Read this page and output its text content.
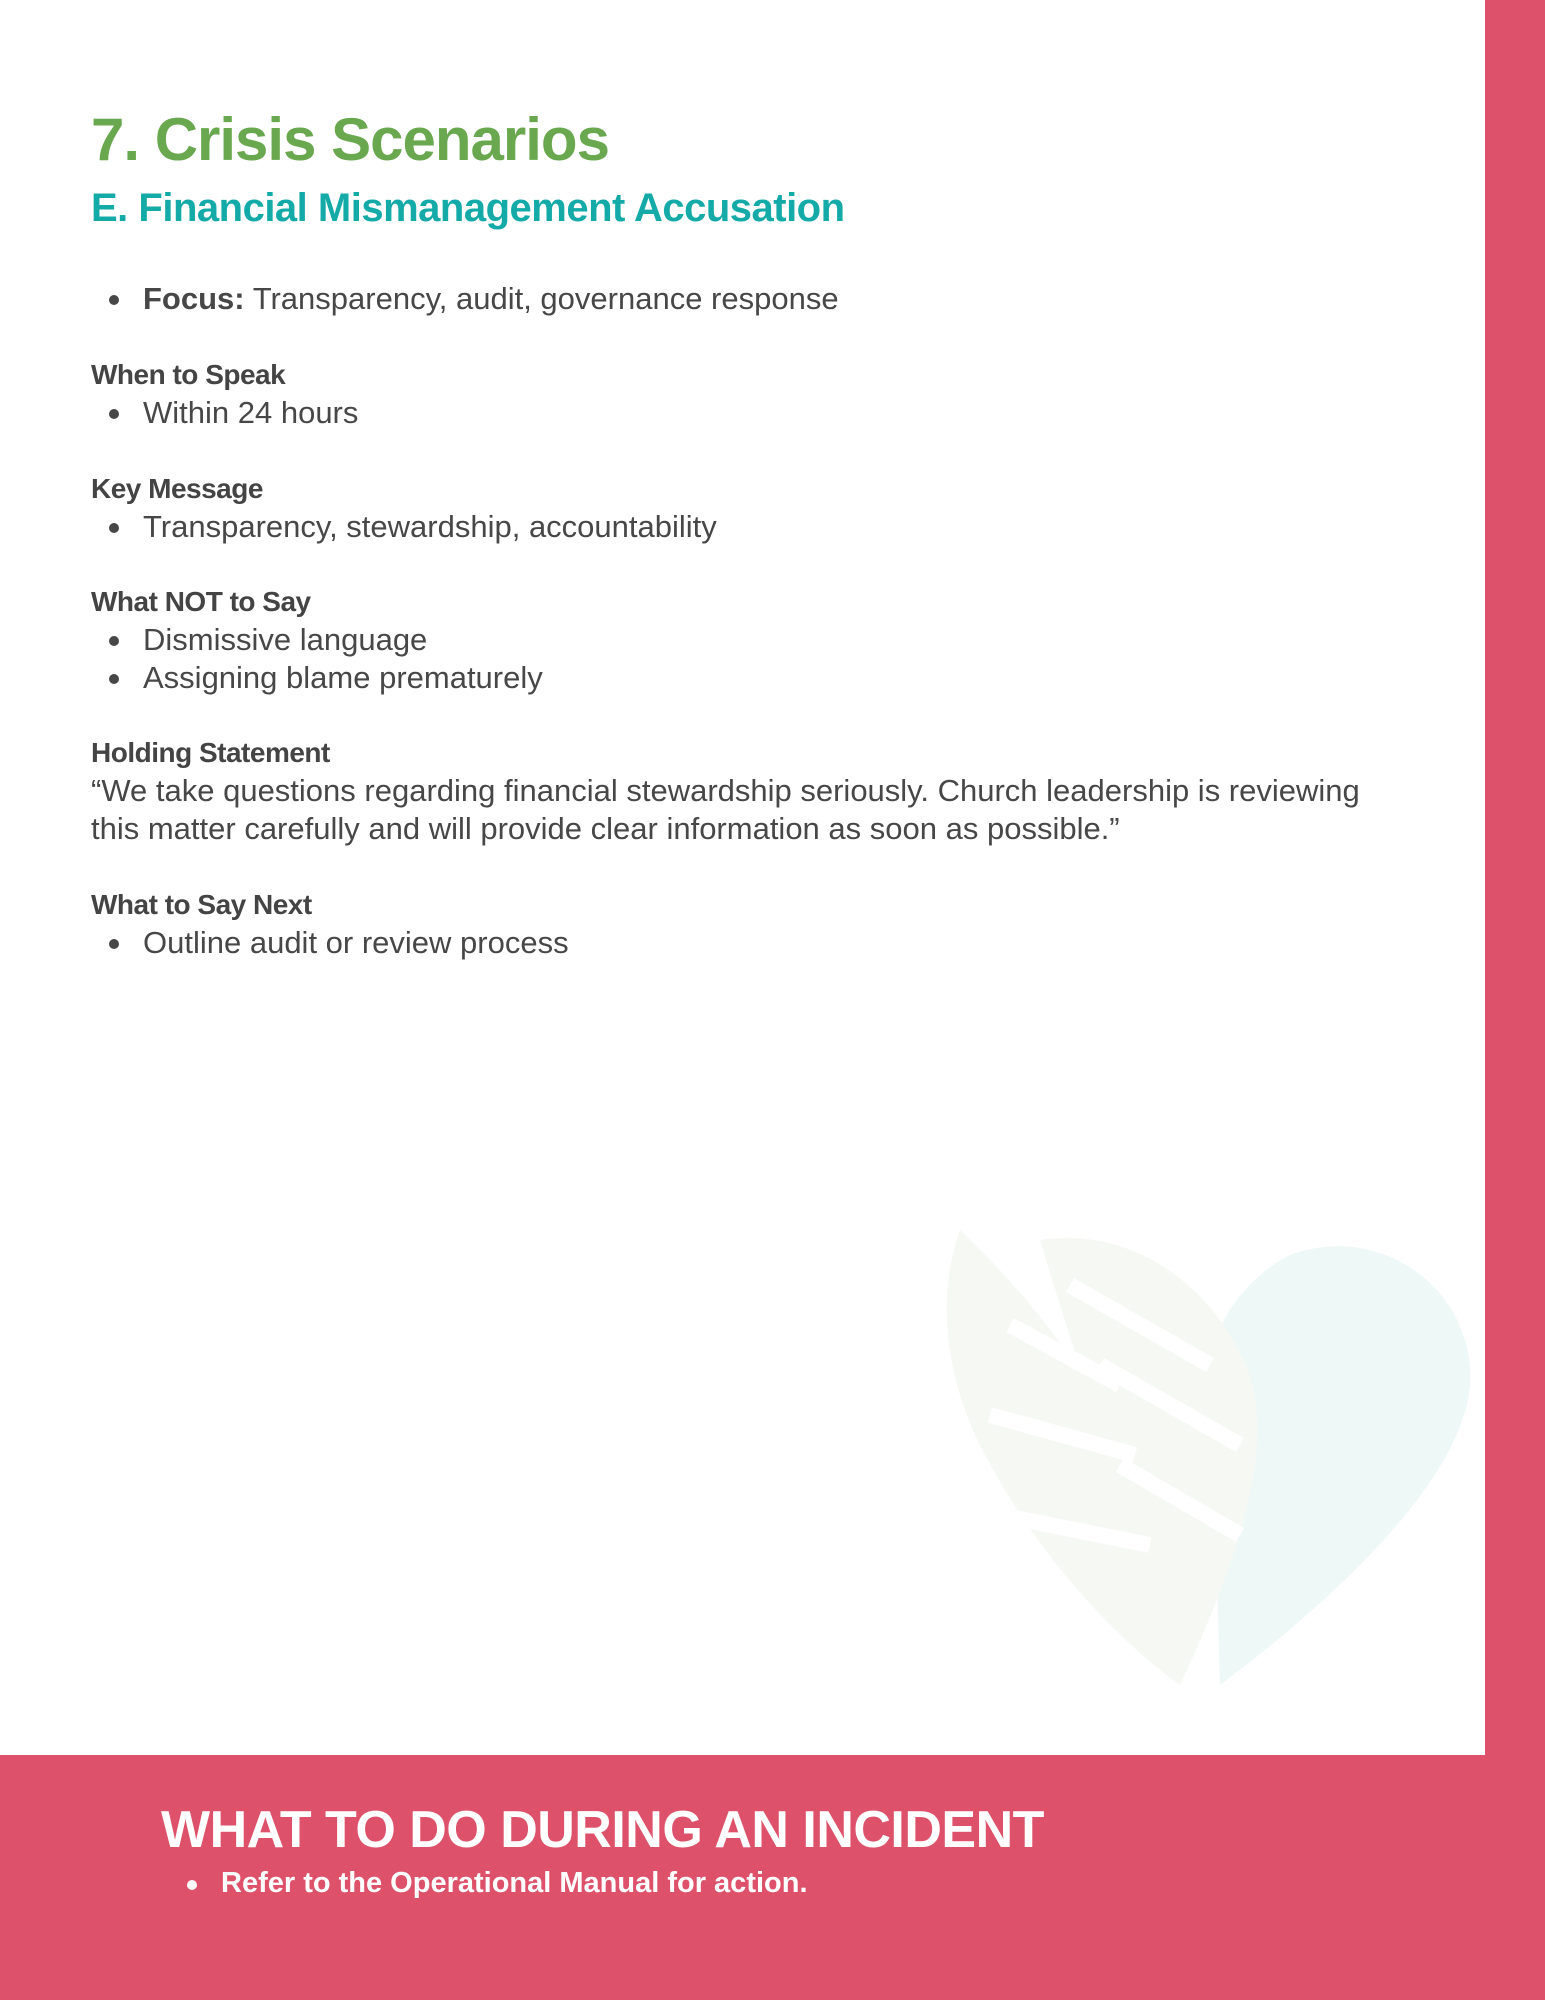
7. Crisis Scenarios
E. Financial Mismanagement Accusation
Focus: Transparency, audit, governance response
When to Speak
Within 24 hours
Key Message
Transparency, stewardship, accountability
What NOT to Say
Dismissive language
Assigning blame prematurely
Holding Statement
“We take questions regarding financial stewardship seriously. Church leadership is reviewing this matter carefully and will provide clear information as soon as possible.”
What to Say Next
Outline audit or review process
WHAT TO DO DURING AN INCIDENT
Refer to the Operational Manual for action.
